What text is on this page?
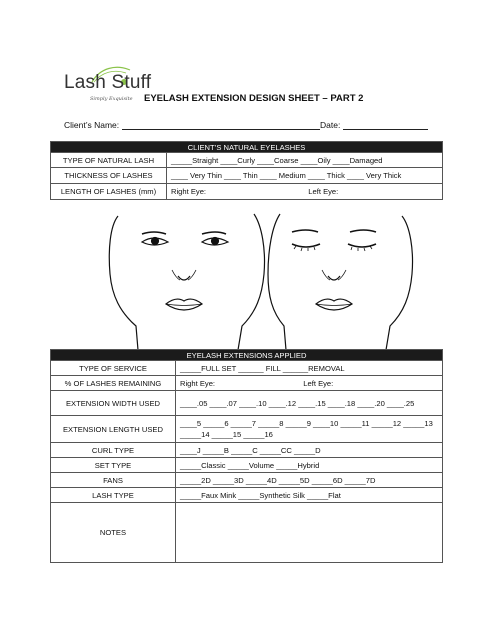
Lash Stuff
Simply Exquisite EYELASH EXTENSION DESIGN SHEET – PART 2
Client’s Name:	Date:
CLIENT’S NATURAL EYELASHES	
TYPE OF NATURAL LASH	_____Straight ____Curly ____Coarse ____Oily ____Damaged
THICKNESS OF LASHES	____ Very Thin ____ Thin ____ Medium ____ Thick ____ Very Thick
LENGTH OF LASHES (mm)	Right Eye: Left Eye:
EYELASH EXTENSIONS APPLIED	
TYPE OF SERVICE	_____FULL SET ______ FILL ______REMOVAL
% OF LASHES REMAINING	Right Eye: Left Eye:
EXTENSION WIDTH USED	____.05 ____.07 ____.10 ____.12 ____.15 ____.18 ____.20 ____.25
EXTENSION LENGTH USED	____5 _____6 _____7 _____8 _____9 ____10 _____11 _____12 _____13 _____14 _____15 _____16
CURL TYPE	____J _____B _____C _____CC _____D
SET TYPE	_____Classic _____Volume _____Hybrid
FANS	_____2D _____3D _____4D _____5D _____6D _____7D
LASH TYPE	_____Faux Mink _____Synthetic Silk _____Flat
NOTES	
